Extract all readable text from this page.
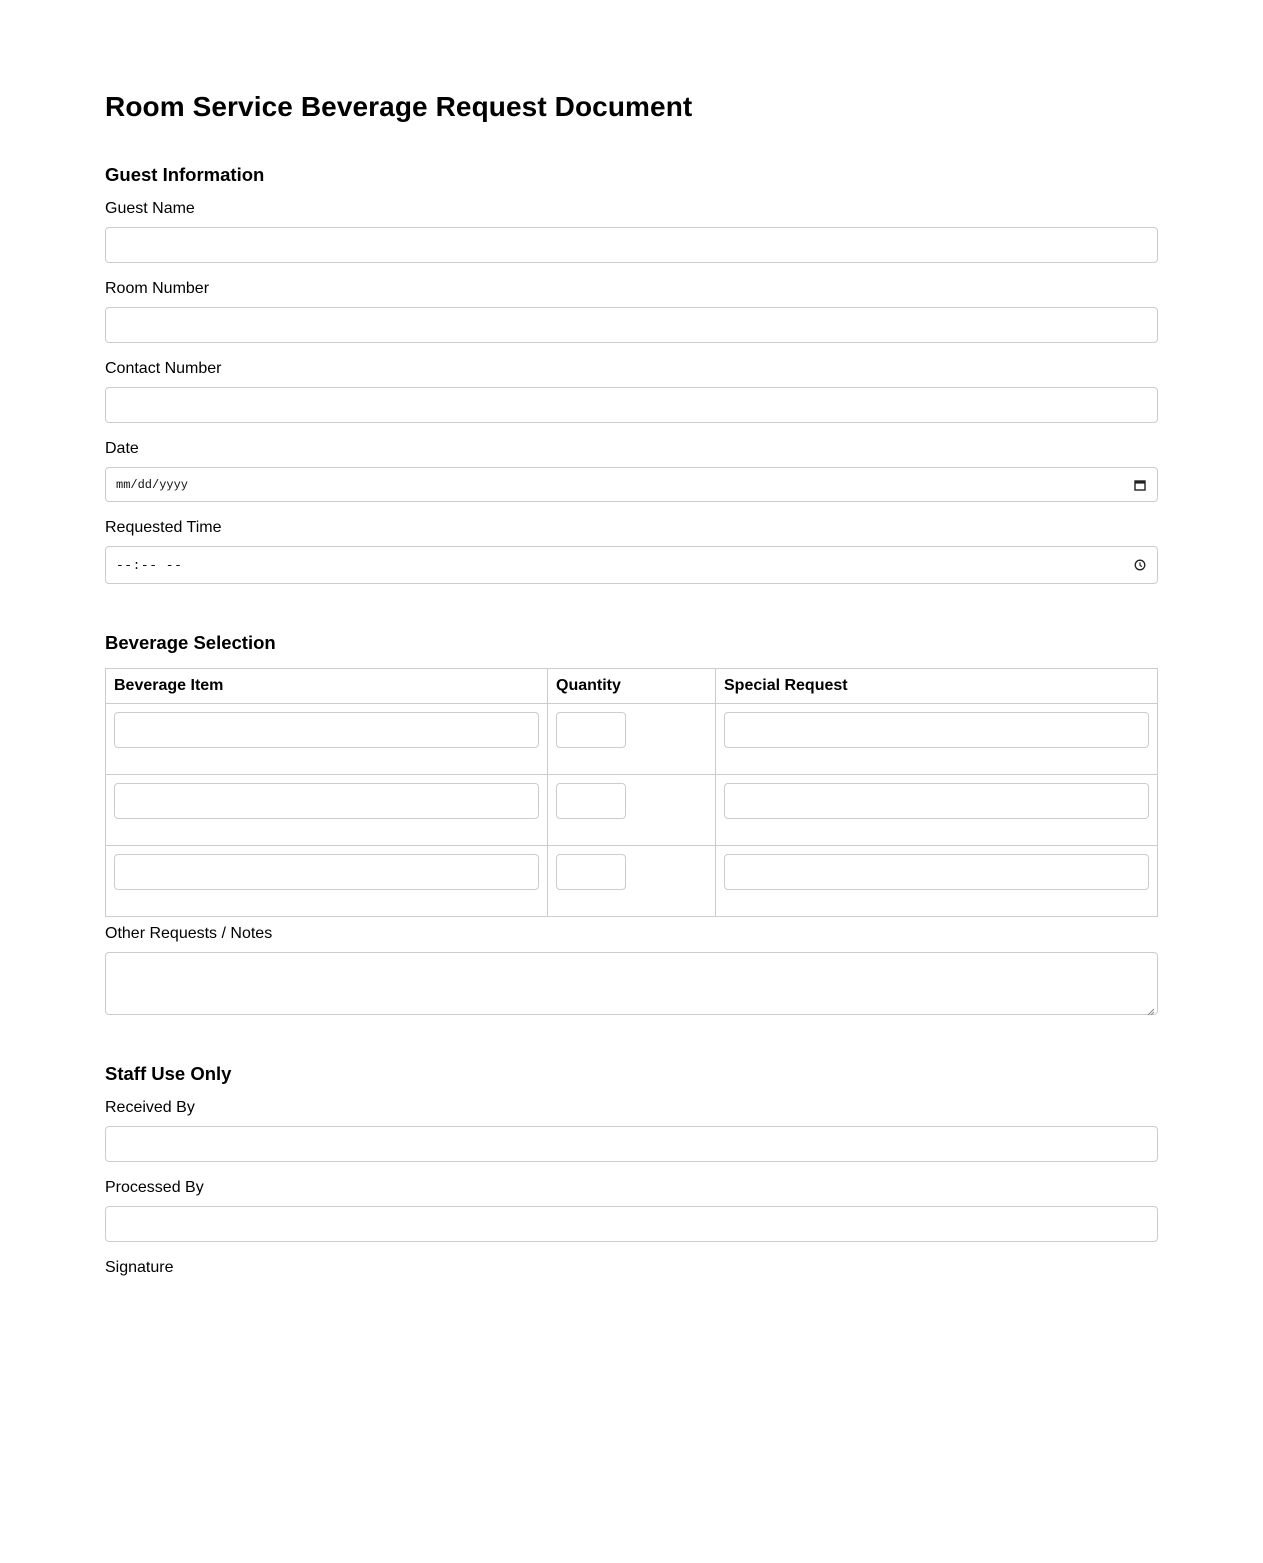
Room Service Beverage Request Document
Guest Information
Guest Name
Room Number
Contact Number
Date
mm/dd/yyyy
Requested Time
--:-- --
Beverage Selection
Beverage Item	Quantity	Special Request

Other Requests / Notes
Staff Use Only
Received By
Processed By
Signature
